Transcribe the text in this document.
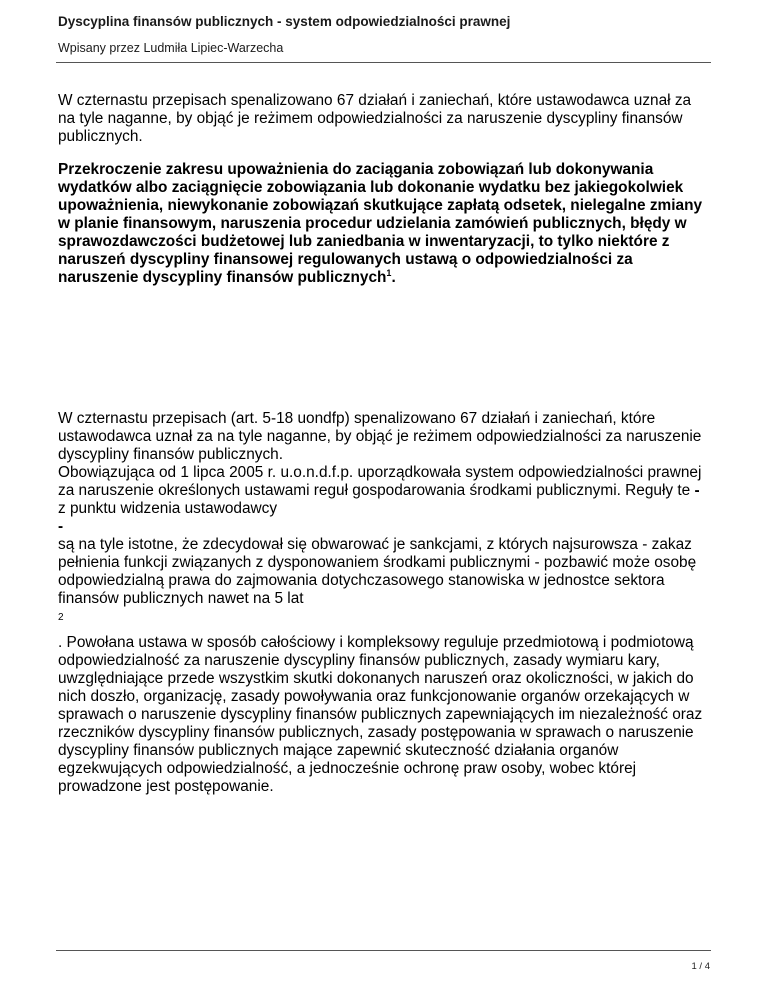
Dyscyplina finansów publicznych - system odpowiedzialności prawnej
Wpisany przez Ludmiła Lipiec-Warzecha
W czternastu przepisach spenalizowano 67 działań i zaniechań, które ustawodawca uznał za na tyle naganne, by objąć je reżimem odpowiedzialności za naruszenie dyscypliny finansów publicznych.
Przekroczenie zakresu upoważnienia do zaciągania zobowiązań lub dokonywania wydatków albo zaciągnięcie zobowiązania lub dokonanie wydatku bez jakiegokolwiek upoważnienia, niewykonanie zobowiązań skutkujące zapłatą odsetek, nielegalne zmiany w planie finansowym, naruszenia procedur udzielania zamówień publicznych, błędy w sprawozdawczości budżetowej lub zaniedbania w inwentaryzacji, to tylko niektóre z naruszeń dyscypliny finansowej regulowanych ustawą o odpowiedzialności za naruszenie dyscypliny finansów publicznych$^1$.
W czternastu przepisach (art. 5-18 uondfp) spenalizowano 67 działań i zaniechań, które ustawodawca uznał za na tyle naganne, by objąć je reżimem odpowiedzialności za naruszenie dyscypliny finansów publicznych.
Obowiązująca od 1 lipca 2005 r. u.o.n.d.f.p. uporządkowała system odpowiedzialności prawnej za naruszenie określonych ustawami reguł gospodarowania środkami publicznymi. Reguły te -
z punktu widzenia ustawodawcy
-
są na tyle istotne, że zdecydował się obwarować je sankcjami, z których najsurowsza - zakaz pełnienia funkcji związanych z dysponowaniem środkami publicznymi - pozbawić może osobę odpowiedzialną prawa do zajmowania dotychczasowego stanowiska w jednostce sektora finansów publicznych nawet na 5 lat
2
. Powołana ustawa w sposób całościowy i kompleksowy reguluje przedmiotową i podmiotową odpowiedzialność za naruszenie dyscypliny finansów publicznych, zasady wymiaru kary, uwzględniające przede wszystkim skutki dokonanych naruszeń oraz okoliczności, w jakich do nich doszło, organizację, zasady powoływania oraz funkcjonowanie organów orzekających w sprawach o naruszenie dyscypliny finansów publicznych zapewniających im niezależność oraz rzeczników dyscypliny finansów publicznych, zasady postępowania w sprawach o naruszenie dyscypliny finansów publicznych mające zapewnić skuteczność działania organów egzekwujących odpowiedzialność, a jednocześnie ochronę praw osoby, wobec której prowadzone jest postępowanie.
1 / 4
